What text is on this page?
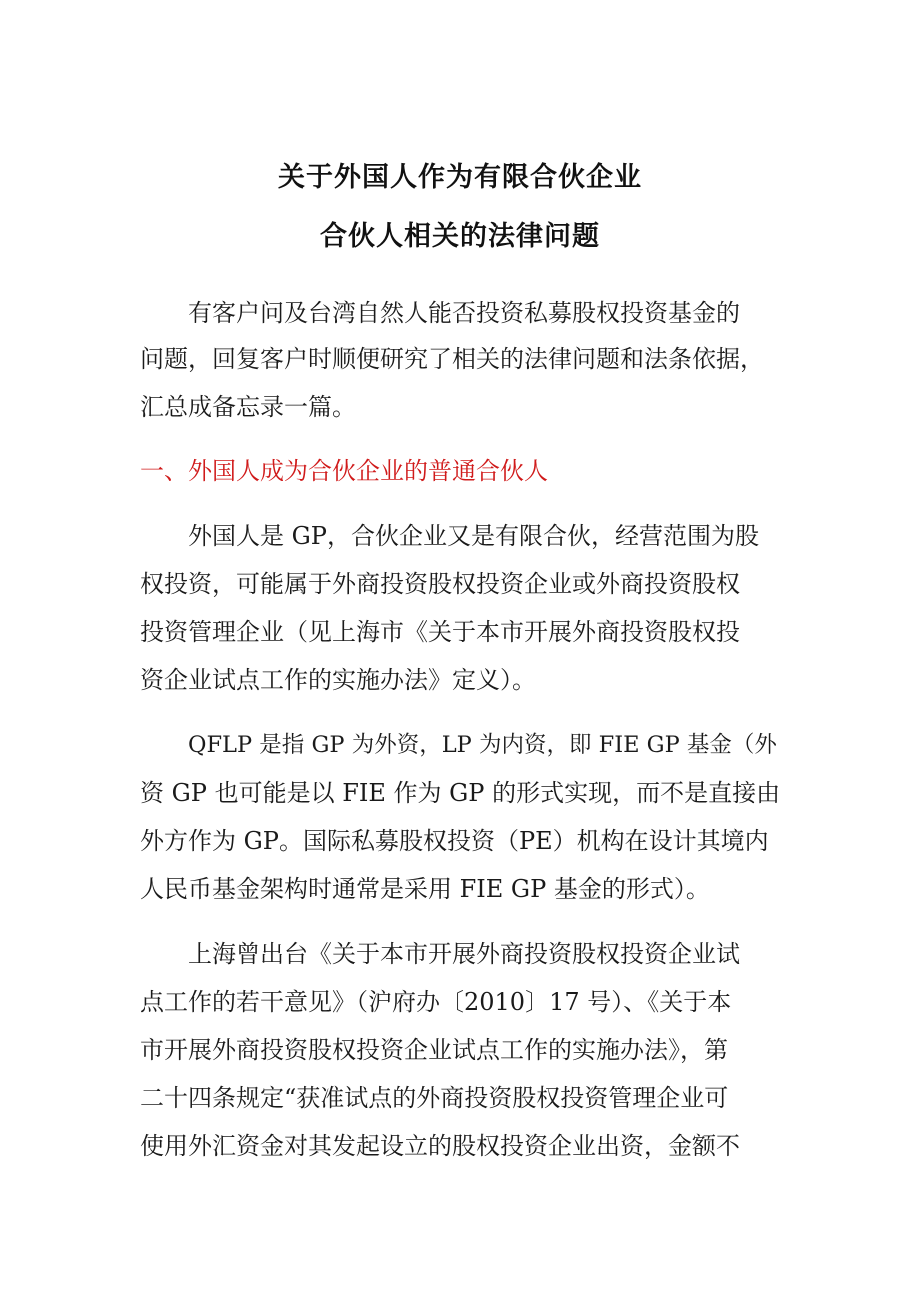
关于外国人作为有限合伙企业
合伙人相关的法律问题
有客户问及台湾自然人能否投资私募股权投资基金的
问题，回复客户时顺便研究了相关的法律问题和法条依据，
汇总成备忘录一篇。
一、外国人成为合伙企业的普通合伙人
外国人是 GP，合伙企业又是有限合伙，经营范围为股
权投资，可能属于外商投资股权投资企业或外商投资股权
投资管理企业（见上海市《关于本市开展外商投资股权投
资企业试点工作的实施办法》定义）。
QFLP 是指 GP 为外资，LP 为内资，即 FIE GP 基金（外
资 GP 也可能是以 FIE 作为 GP 的形式实现，而不是直接由
外方作为 GP。国际私募股权投资（PE）机构在设计其境内
人民币基金架构时通常是采用 FIE GP 基金的形式）。
上海曾出台《关于本市开展外商投资股权投资企业试
点工作的若干意见》（沪府办〔2010〕17 号）、《关于本
市开展外商投资股权投资企业试点工作的实施办法》，第
二十四条规定“获准试点的外商投资股权投资管理企业可
使用外汇资金对其发起设立的股权投资企业出资，金额不
